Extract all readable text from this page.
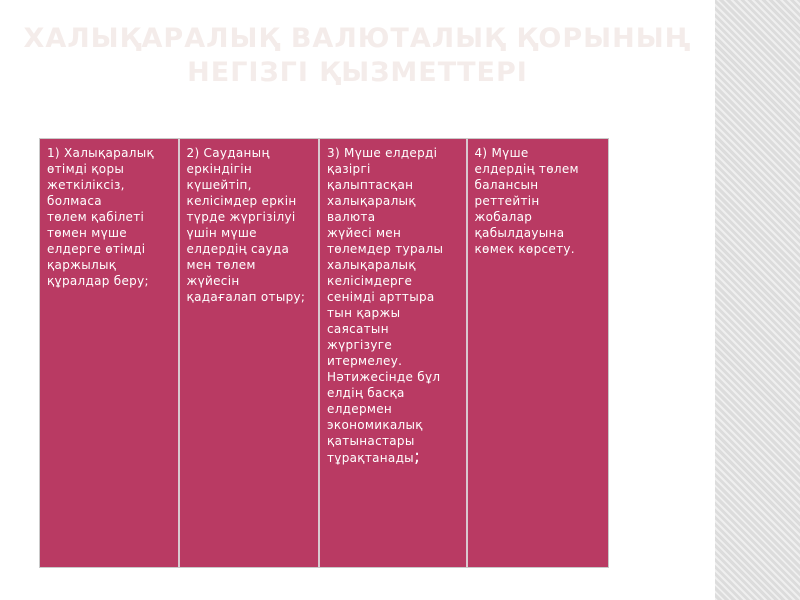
ХАЛЫҚАРАЛЫҚ ВАЛЮТАЛЫҚ ҚОРЫНЫҢ
НЕГІЗГІ ҚЫЗМЕТТЕРІ
1) Халықаралық
өтімді қоры
жеткіліксіз,
болмаса
төлем қабілеті
төмен мүше
елдерге өтімді
қаржылық
құралдар беру;
2) Сауданың
еркіндігін
күшейтіп,
келісімдер еркін
түрде жүргізілуі
үшін мүше
елдердің сауда
мен төлем
жүйесін
қадағалап отыру;
3) Мүше елдерді
қазіргі
қалыптасқан
халықаралық
валюта
жүйесі мен
төлемдер туралы
халықаралық
келісімдерге
сенімді арттыра
тын қаржы
саясатын
жүргізуге
итермелеу.
Нәтижесінде бұл
елдің басқа
елдермен
экономикалық
қатынастары
тұрақтанады;
4) Мүше
елдердің төлем
балансын
реттейтін
жобалар
қабылдауына
көмек көрсету.
